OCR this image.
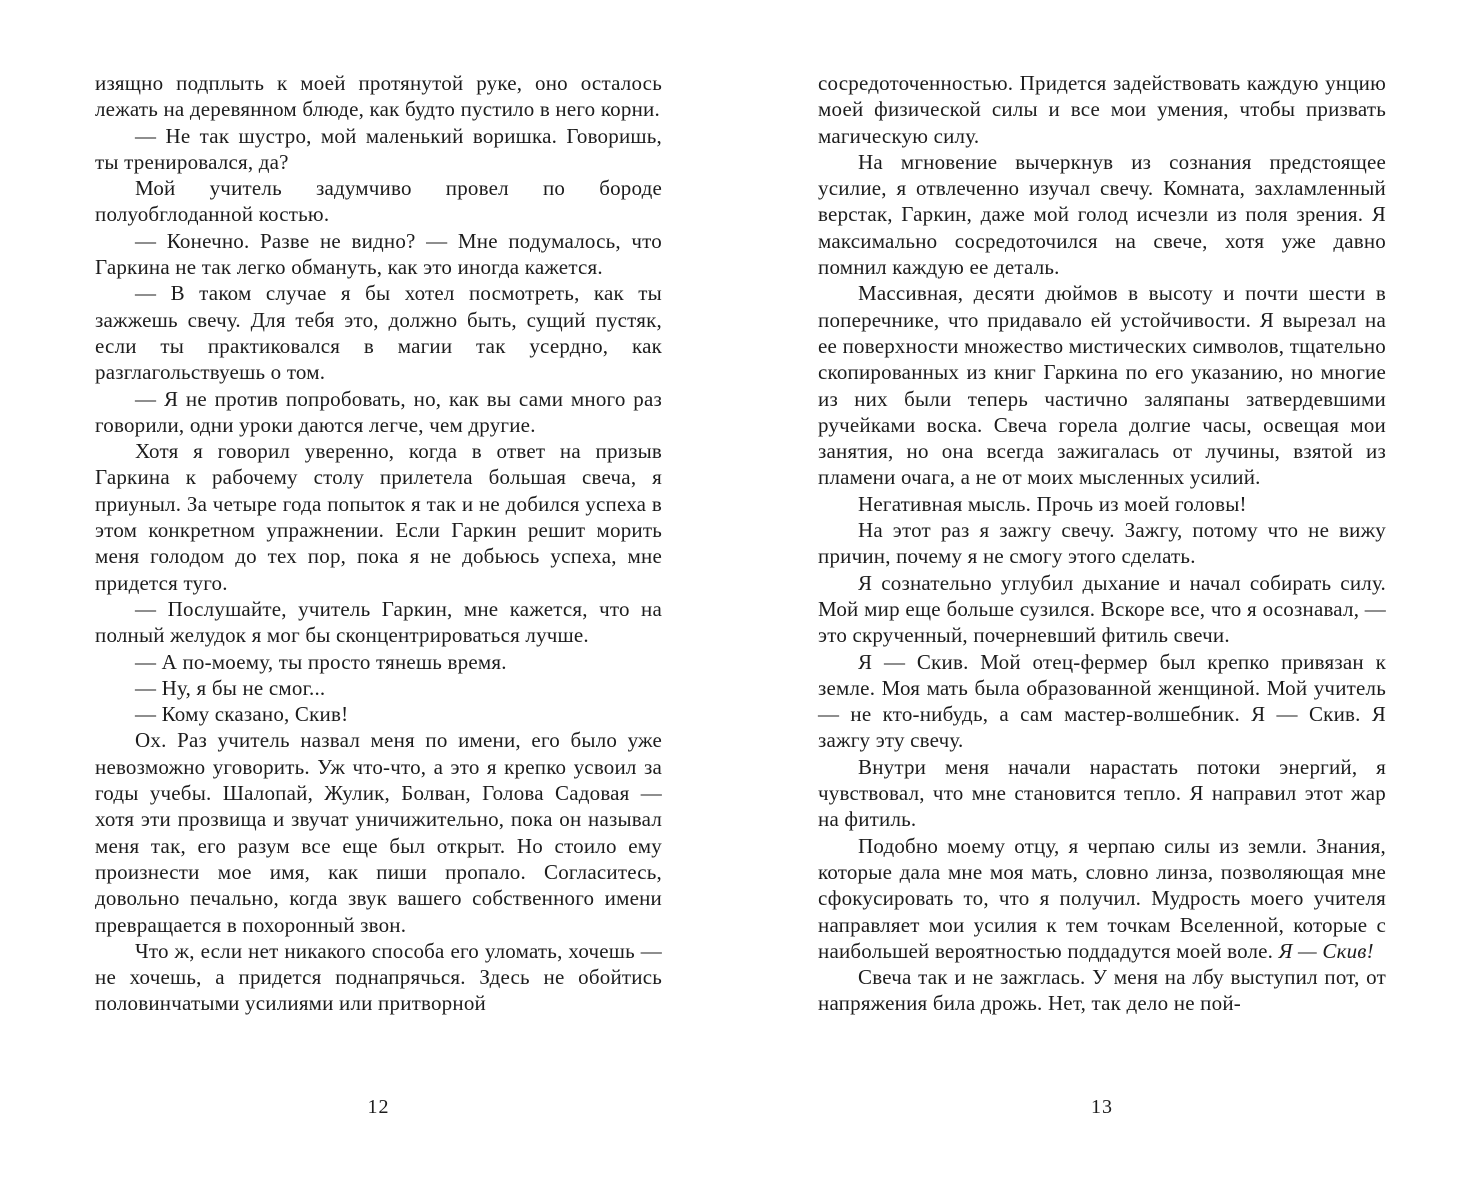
изящно подплыть к моей протянутой руке, оно осталось лежать на деревянном блюде, как будто пустило в него корни.

— Не так шустро, мой маленький воришка. Говоришь, ты тренировался, да?

Мой учитель задумчиво провел по бороде полуобглоданной костью.

— Конечно. Разве не видно? — Мне подумалось, что Гаркина не так легко обмануть, как это иногда кажется.

— В таком случае я бы хотел посмотреть, как ты зажжешь свечу. Для тебя это, должно быть, сущий пустяк, если ты практиковался в магии так усердно, как разглагольствуешь о том.

— Я не против попробовать, но, как вы сами много раз говорили, одни уроки даются легче, чем другие.

Хотя я говорил уверенно, когда в ответ на призыв Гаркина к рабочему столу прилетела большая свеча, я приуныл. За четыре года попыток я так и не добился успеха в этом конкретном упражнении. Если Гаркин решит морить меня голодом до тех пор, пока я не добьюсь успеха, мне придется туго.

— Послушайте, учитель Гаркин, мне кажется, что на полный желудок я мог бы сконцентрироваться лучше.

— А по-моему, ты просто тянешь время.

— Ну, я бы не смог...

— Кому сказано, Скив!

Ох. Раз учитель назвал меня по имени, его было уже невозможно уговорить. Уж что-что, а это я крепко усвоил за годы учебы. Шалопай, Жулик, Болван, Голова Садовая — хотя эти прозвища и звучат уничижительно, пока он называл меня так, его разум все еще был открыт. Но стоило ему произнести мое имя, как пиши пропало. Согласитесь, довольно печально, когда звук вашего собственного имени превращается в похоронный звон.

Что ж, если нет никакого способа его уломать, хочешь — не хочешь, а придется поднапрячься. Здесь не обойтись половинчатыми усилиями или притворной

12

сосредоточенностью. Придется задействовать каждую унцию моей физической силы и все мои умения, чтобы призвать магическую силу.

На мгновение вычеркнув из сознания предстоящее усилие, я отвлеченно изучал свечу. Комната, захламленный верстак, Гаркин, даже мой голод исчезли из поля зрения. Я максимально сосредоточился на свече, хотя уже давно помнил каждую ее деталь.

Массивная, десяти дюймов в высоту и почти шести в поперечнике, что придавало ей устойчивости. Я вырезал на ее поверхности множество мистических символов, тщательно скопированных из книг Гаркина по его указанию, но многие из них были теперь частично заляпаны затвердевшими ручейками воска. Свеча горела долгие часы, освещая мои занятия, но она всегда зажигалась от лучины, взятой из пламени очага, а не от моих мысленных усилий.

Негативная мысль. Прочь из моей головы!

На этот раз я зажгу свечу. Зажгу, потому что не вижу причин, почему я не смогу этого сделать.

Я сознательно углубил дыхание и начал собирать силу. Мой мир еще больше сузился. Вскоре все, что я осознавал, — это скрученный, почерневший фитиль свечи.

Я — Скив. Мой отец-фермер был крепко привязан к земле. Моя мать была образованной женщиной. Мой учитель — не кто-нибудь, а сам мастер-волшебник. Я — Скив. Я зажгу эту свечу.

Внутри меня начали нарастать потоки энергий, я чувствовал, что мне становится тепло. Я направил этот жар на фитиль.

Подобно моему отцу, я черпаю силы из земли. Знания, которые дала мне моя мать, словно линза, позволяющая мне сфокусировать то, что я получил. Мудрость моего учителя направляет мои усилия к тем точкам Вселенной, которые с наибольшей вероятностью поддадутся моей воле. Я — Скив!

Свеча так и не зажглась. У меня на лбу выступил пот, от напряжения била дрожь. Нет, так дело не пой-

13
